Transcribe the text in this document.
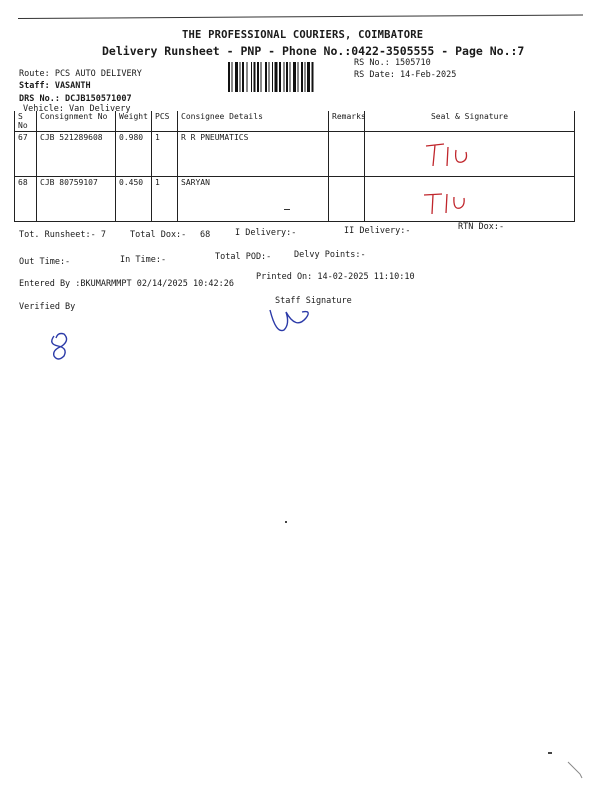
THE PROFESSIONAL COURIERS, COIMBATORE
Delivery Runsheet - PNP - Phone No.:0422-3505555 - Page No.:7
Route: PCS AUTO DELIVERY
Staff: VASANTH
DRS No.: DCJB150571007
Vehicle: Van Delivery
RS No.: 1505710
RS Date: 14-Feb-2025
S No	Consignment No	Weight	PCS	Consignee Details	Remarks	Seal & Signature
67	CJB 521289608	0.980	1	R R PNEUMATICS		
68	CJB 80759107	0.450	1	SARYAN		
Tot. Runsheet:- 7	Total Dox:- 68	I Delivery:-	II Delivery:-	RTN Dox:-
Out Time:-	In Time:-	Total POD:-	Delvy Points:-
Entered By :BKUMARMMPT 02/14/2025 10:42:26
Printed On: 14-02-2025 11:10:10
Verified By
Staff Signature
